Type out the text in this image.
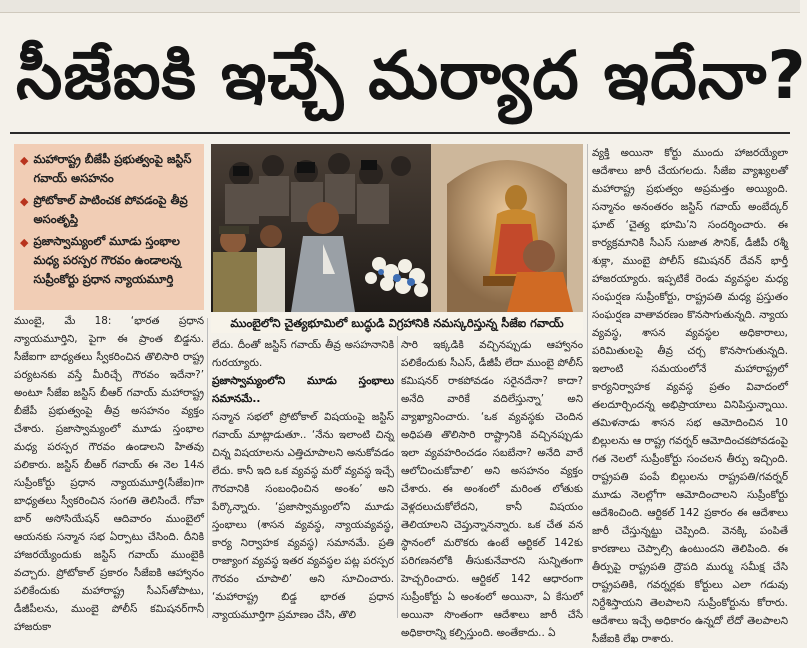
సీజేఐకి ఇచ్చే మర్యాద ఇదేనా?
◆ మహారాష్ట్ర బీజేపీ ప్రభుత్వంపై జస్టిస్ గవాయ్ అసహనం
◆ ప్రోటోకాల్ పాటించక పోవడంపై తీవ్ర అసంతృప్తి
◆ ప్రజాస్వామ్యంలో మూడు స్తంభాల మధ్య పరస్పర గౌరవం ఉండాలన్న సుప్రీంకోర్టు ప్రధాన న్యాయమూర్తి
ముంబైలోని చైత్యభూమిలో బుద్ధుడి విగ్రహానికి నమస్కరిస్తున్న సీజేఐ గవాయ్

ముంబై, మే 18: ‘భారత ప్రధాన న్యాయమూర్తిని, పైగా ఈ ప్రాంత బిడ్డను. సీజేఐగా బాధ్యతలు స్వీకరించిన తొలిసారి రాష్ట్ర పర్యటనకు వస్తే మీరిచ్చే గౌరవం ఇదేనా?’ అంటూ సీజేఐ జస్టిస్ బీఆర్ గవాయ్ మహారాష్ట్ర బీజేపీ ప్రభుత్వంపై తీవ్ర అసహనం వ్యక్తం చేశారు. ప్రజాస్వామ్యంలో మూడు స్తంభాల మధ్య పరస్పర గౌరవం ఉండాలని హితవు పలికారు. జస్టిస్ బీఆర్ గవాయ్ ఈ నెల 14న సుప్రీంకోర్టు ప్రధాన న్యాయమూర్తి(సీజేఐ)గా బాధ్యతలు స్వీకరించిన సంగతి తెలిసిందే. గోవా బార్ అసోసియేషన్ ఆదివారం ముంబైలో ఆయనకు సన్మాన సభ ఏర్పాటు చేసింది. దీనికి హాజరయ్యేందుకు జస్టిస్ గవాయ్ ముంబైకి వచ్చారు. ప్రోటోకాల్ ప్రకారం సీజేఐకి ఆహ్వానం పలికేందుకు మహారాష్ట్ర సీఎస్‌తోపాటు, డీజీపీలను, ముంబై పోలీస్ కమిషనర్‌గానీ హాజరుకా

లేదు. దీంతో జస్టిస్ గవాయ్ తీవ్ర అసహనానికి గురయ్యారు.

ప్రజాస్వామ్యంలోని మూడు స్తంభాలు సమానమే..

సన్మాన సభలో ప్రోటోకాల్ విషయంపై జస్టిస్ గవాయ్ మాట్లాడుతూ.. ‘నేను ఇలాంటి చిన్న చిన్న విషయాలను ఎత్తిచూపాలని అనుకోవడం లేదు. కానీ ఇది ఒక వ్యవస్థ మరో వ్యవస్థ ఇచ్చే గౌరవానికి సంబంధించిన అంశం’ అని పేర్కొన్నారు. ‘ప్రజాస్వామ్యంలోని మూడు స్తంభాలు (శాసన వ్యవస్థ, న్యాయవ్యవస్థ, కార్య నిర్వాహక వ్యవస్థ) సమానమే. ప్రతి రాజ్యాంగ వ్యవస్థ ఇతర వ్యవస్థల పట్ల పరస్పర గౌరవం చూపాలి’ అని సూచించారు. ‘మహారాష్ట్ర బిడ్డ భారత ప్రధాన న్యాయమూర్తిగా ప్రమాణం చేసి, తొలి

సారి ఇక్కడికి వచ్చినప్పుడు ఆహ్వానం పలికేందుకు సీఎస్, డీజీపీ లేదా ముంబై పోలీస్ కమిషనర్ రాకపోవడం సరైనదేనా? కాదా? అనేది వారికే వదిలేస్తున్నా’ అని వ్యాఖ్యానించారు. ‘ఒక వ్యవస్థకు చెందిన అధిపతి తొలిసారి రాష్ట్రానికి వచ్చినప్పుడు ఇలా వ్యవహరించడం సబబేనా? అనేది వారే ఆలోచించుకోవాలి’ అని అసహనం వ్యక్తం చేశారు. ఈ అంశంలో మరింత లోతుకు వెళ్లదలుచుకోలేదని, కానీ విషయం తెలియాలని చెప్తున్నానన్నారు. ఒక చేత వన స్థానంలో మరొకరు ఉంటే ఆర్టికల్ 142కు పరిగణనలోకి తీసుకునేవారని సున్నితంగా హెచ్చరించారు. ఆర్టికల్ 142 ఆధారంగా సుప్రీంకోర్టు ఏ అంశంలో అయినా, ఏ కేసులో అయినా సొంతంగా ఆదేశాలు జారీ చేసే అధికారాన్ని కల్పిస్తుంది. అంతేకాదు.. ఏ

వ్యక్తి అయినా కోర్టు ముందు హాజరయ్యేలా ఆదేశాలు జారీ చేయగలదు. సీజేఐ వ్యాఖ్యలతో మహారాష్ట్ర ప్రభుత్వం అప్రమత్తం అయ్యింది. సన్మానం అనంతరం జస్టిస్ గవాయ్ అంబేద్కర్ ఘాట్ ‘చైత్య భూమి’ని సందర్శించారు. ఈ కార్యక్రమానికి సీఎస్ సుజాత సౌనిక్, డీజీపీ రశ్మీ శుక్లా, ముంబై పోలీస్ కమిషనర్ దేవన్ భార్తీ హాజరయ్యారు. ఇప్పటికే రెండు వ్యవస్థల మధ్య సంఘర్షణ సుప్రీంకోర్టు, రాష్ట్రపతి మధ్య ప్రస్తుతం సంఘర్షణ వాతావరణం కొనసాగుతున్నది. న్యాయ వ్యవస్థ, శాసన వ్యవస్థల అధికారాలు, పరిమితులపై తీవ్ర చర్చ కొనసాగుతున్నది. ఇలాంటి సమయంలోనే మహారాష్ట్రలో కార్యనిర్వాహక వ్యవస్థ ప్రతం వివాదంలో తలదూర్చిందన్న అభిప్రాయాలు వినిపిస్తున్నాయి. తమిళనాడు శాసన సభ ఆమోదించిన 10 బిల్లులను ఆ రాష్ట్ర గవర్నర్ ఆమోదించకపోవడంపై గత నెలలో సుప్రీంకోర్టు సంచలన తీర్పు ఇచ్చింది. రాష్ట్రపతి పంపే బిల్లులను రాష్ట్రపతి/గవర్నర్ మూడు నెలల్లోగా ఆమోదించాలని సుప్రీంకోర్టు ఆదేశించింది. ఆర్టికల్ 142 ప్రకారం ఈ ఆదేశాలు జారీ చేస్తున్నట్టు చెప్పింది. వెనక్కి పంపితే కారణాలు చెప్పాల్సి ఉంటుందని తెలిపింది. ఈ తీర్పుపై రాష్ట్రపతి ద్రౌపది ముర్ము సమీక్ష చేసి రాష్ట్రపతికి, గవర్నర్లకు కోర్టులు ఎలా గడువు నిర్దేశిస్తాయని తెలపాలని సుప్రీంకోర్టును కోరారు. ఆదేశాలు ఇచ్చే అధికారం ఉన్నదో లేదో తెలపాలని సీజేఐకి లేఖ రాశారు.
